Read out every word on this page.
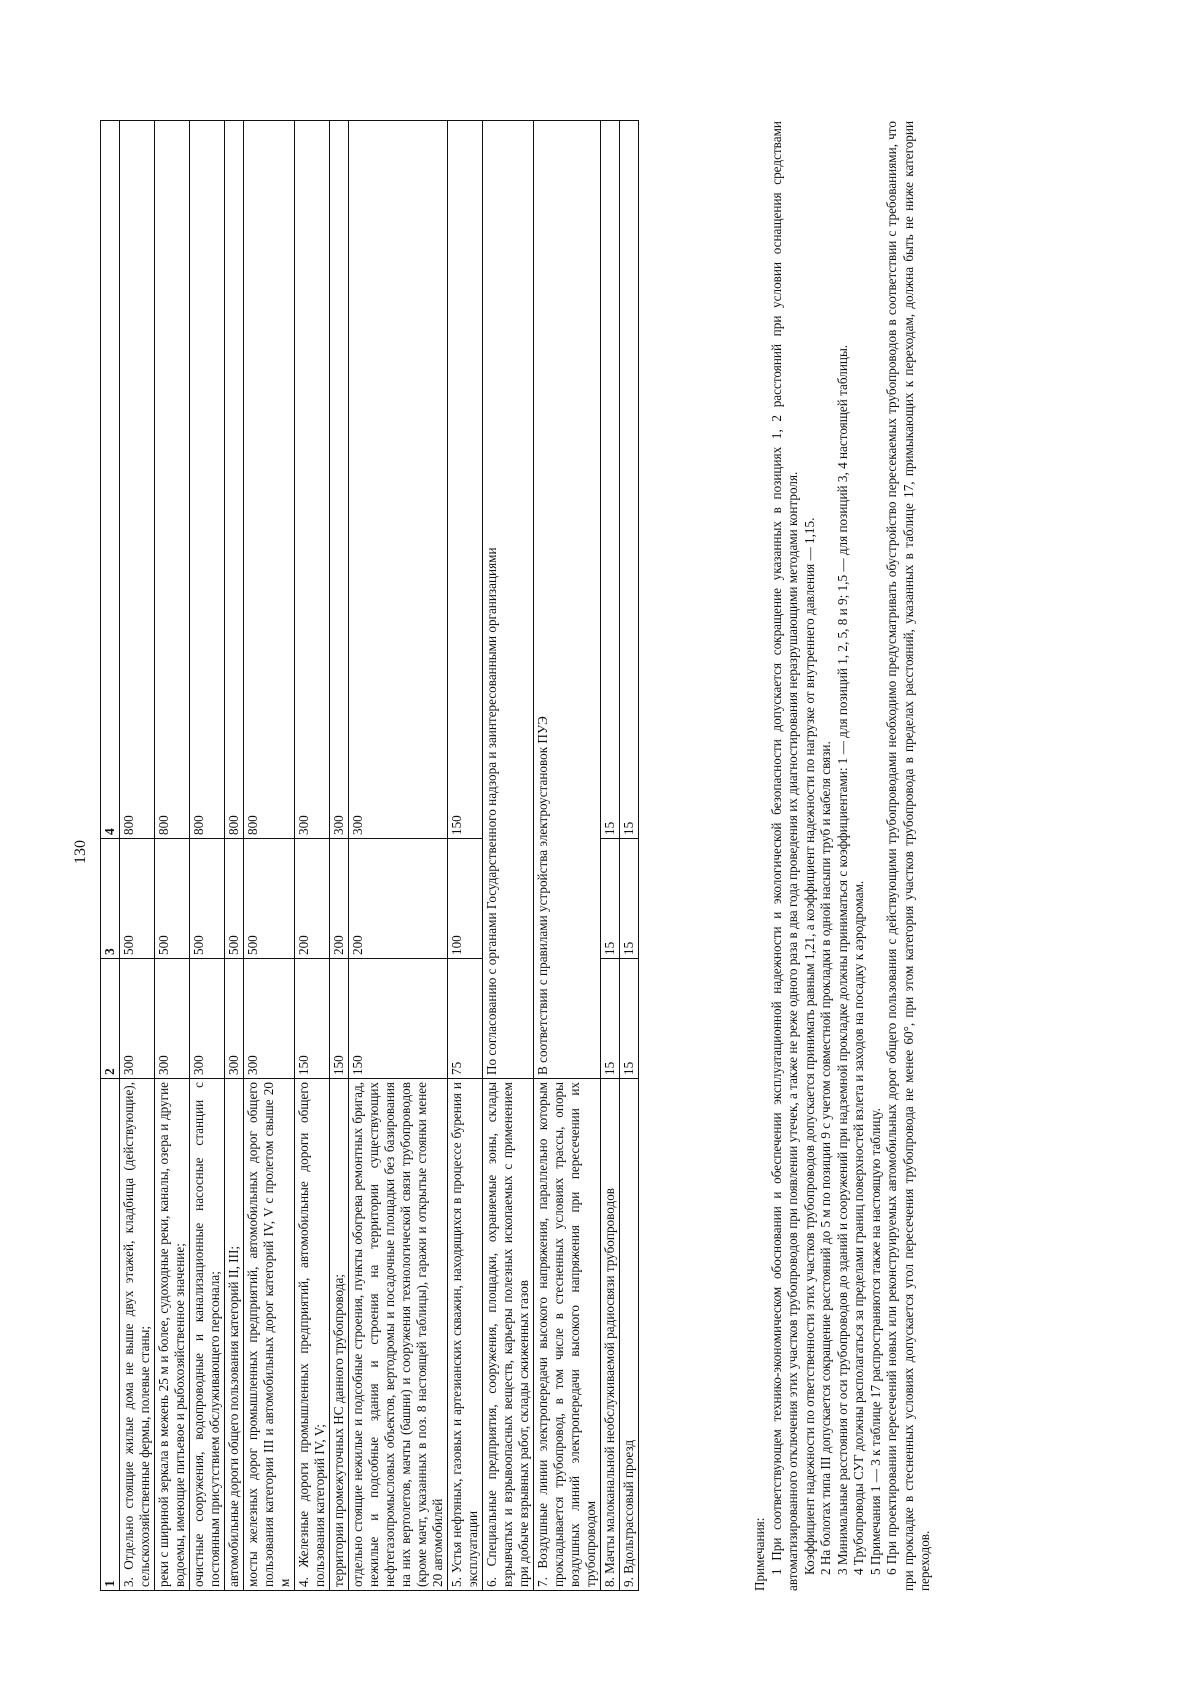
130
1	2	3	4
3. Отдельно стоящие жилые дома не выше двух этажей, кладбища (действующие), сельскохозяйственные фермы, полевые станы;	300	500	800
реки с шириной зеркала в межень 25 м и более, судоходные реки, каналы, озера и другие водоемы, имеющие питьевое и рыбохозяйственное значение;	300	500	800
очистные сооружения, водопроводные и канализационные насосные станции с постоянным присутствием обслуживающего персонала;	300	500	800
автомобильные дороги общего пользования категорий II, III;	300	500	800
мосты железных дорог промышленных предприятий, автомобильных дорог общего пользования категории III и автомобильных дорог категорий IV, V с пролетом свыше 20 м	300	500	800
4. Железные дороги промышленных предприятий, автомобильные дороги общего пользования категорий IV, V;	150	200	300
территории промежуточных НС данного трубопровода;	150	200	300
отдельно стоящие нежилые и подсобные строения, пункты обогрева ремонтных бригад, нежилые и подсобные здания и строения на территории существующих нефтегазопромысловых объектов, вертодромы и посадочные площадки без базирования на них вертолетов, мачты (башни) и сооружения технологической связи трубопроводов (кроме мачт, указанных в поз. 8 настоящей таблицы), гаражи и открытые стоянки менее 20 автомобилей	150	200	300
5. Устья нефтяных, газовых и артезианских скважин, находящихся в процессе бурения и эксплуатации	75	100	150
6. Специальные предприятия, сооружения, площадки, охраняемые зоны, склады взрывчатых и взрывоопасных веществ, карьеры полезных ископаемых с применением при добыче взрывных работ, склады сжиженных газов	По согласованию с органами Государственного надзора и заинтересованными организациями		
7. Воздушные линии электропередачи высокого напряжения, параллельно которым прокладывается трубопровод, в том числе в стесненных условиях трассы, опоры воздушных линий электропередачи высокого напряжения при пересечении их трубопроводом	В соответствии с правилами устройства электроустановок ПУЭ		
8. Мачты малоканальной необслуживаемой радиосвязи трубопроводов	15	15	15
9. Вдольтрассовый проезд	15	15	15

Примечания: 1 При соответствующем технико-экономическом обосновании и обеспечении эксплуатационной надежности и экологической безопасности допускается сокращение указанных в позициях 1, 2 расстояний при условии оснащения средствами автоматизированного отключения этих участков трубопроводов при появлении утечек, а также не реже одного раза в два года проведения их диагностирования неразрушающими методами контроля. Коэффициент надежности по ответственности этих участков трубопроводов допускается принимать равным 1,21, а коэффициент надежности по нагрузке от внутреннего давления — 1,15. 2 На болотах типа III допускается сокращение расстояний до 5 м по позиции 9 с учетом совместной прокладки в одной насыпи труб и кабеля связи. 3 Минимальные расстояния от оси трубопроводов до зданий и сооружений при надземной прокладке должны приниматься с коэффициентами: 1 — для позиций 1, 2, 5, 8 и 9; 1,5 — для позиций 3, 4 настоящей таблицы. 4 Трубопроводы СУГ должны располагаться за пределами границ поверхностей взлета и заходов на посадку к аэродромам. 5 Примечания 1 — 3 к таблице 17 распространяются также на настоящую таблицу. 6 При проектировании пересечений новых или реконструируемых автомобильных дорог общего пользования с действующими трубопроводами необходимо предусматривать обустройство пересекаемых трубопроводов в соответствии с требованиями, что при прокладке в стесненных условиях допускается угол пересечения трубопровода не менее 60°, при этом категория участков трубопровода в пределах расстояний, указанных в таблице 17, примыкающих к переходам, должна быть не ниже категории переходов.
